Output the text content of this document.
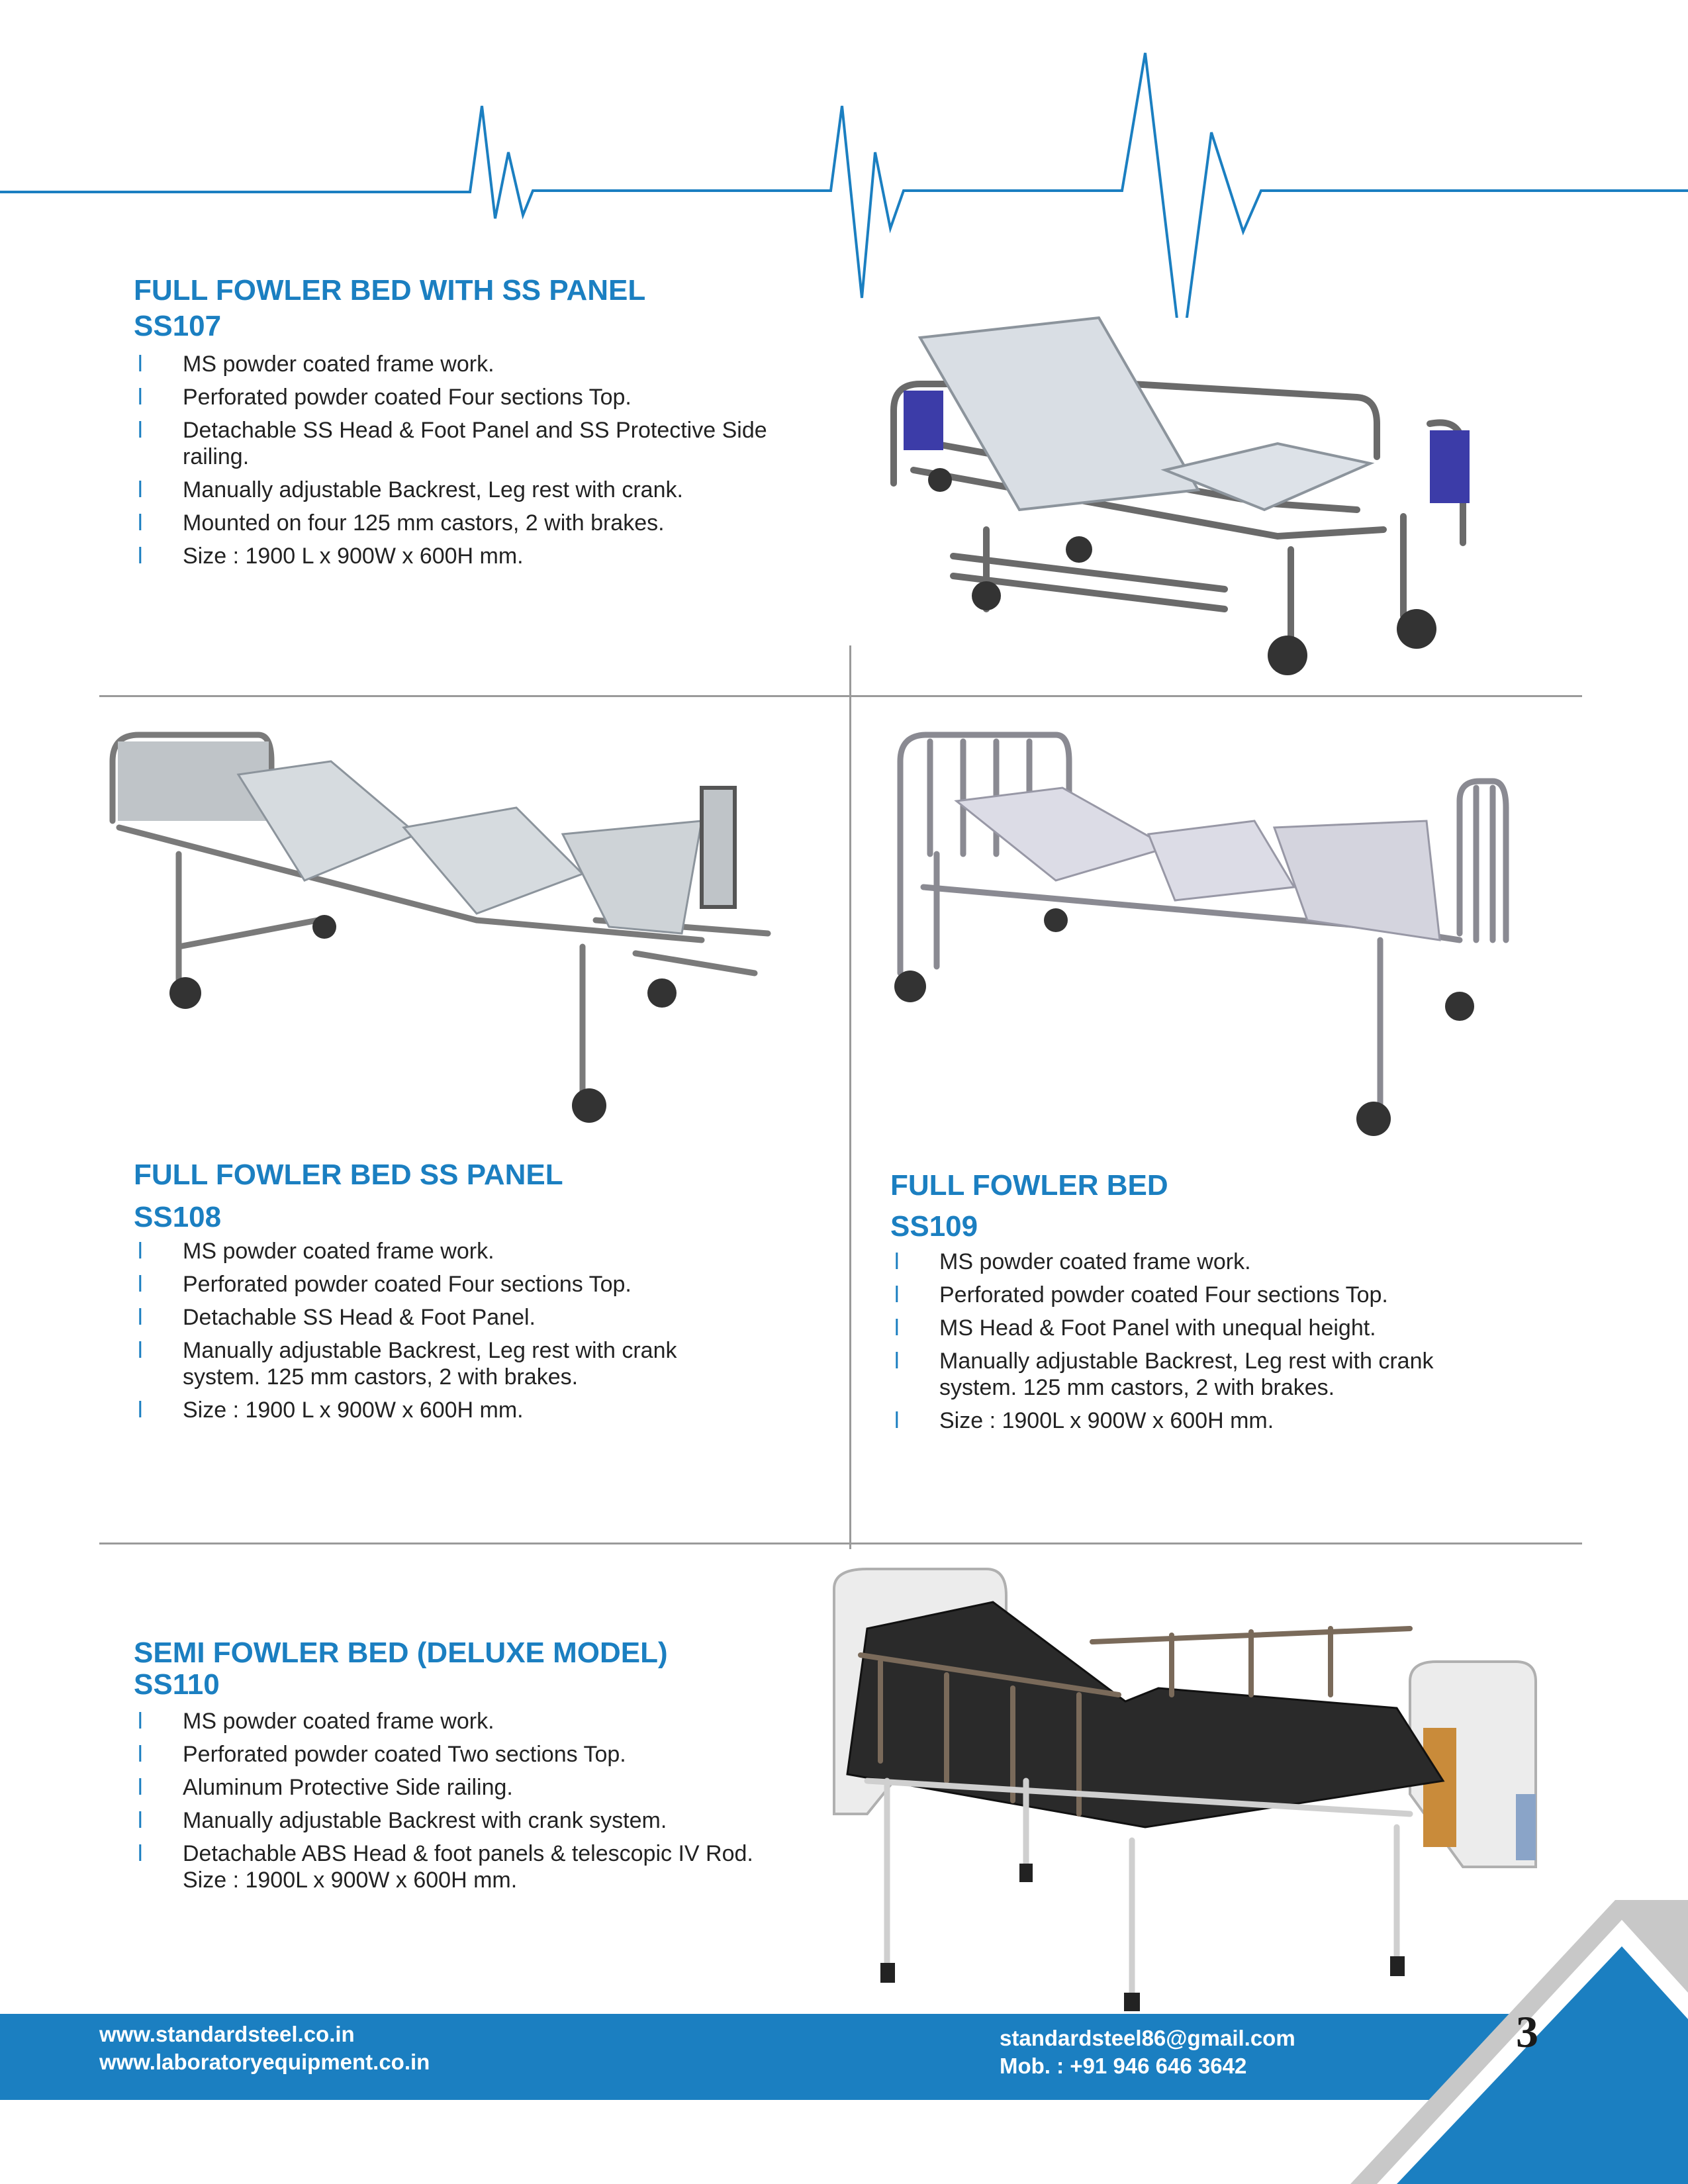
FULL FOWLER BED WITH SS PANEL
SS107
l MS powder coated frame work.
l Perforated powder coated Four sections Top.
l Detachable SS Head & Foot Panel and SS Protective Side railing.
l Manually adjustable Backrest, Leg rest with crank.
l Mounted on four 125 mm castors, 2 with brakes.
l Size : 1900 L x 900W x 600H mm.
FULL FOWLER BED SS PANEL
SS108
l MS powder coated frame work.
l Perforated powder coated Four sections Top.
l Detachable SS Head & Foot Panel.
l Manually adjustable Backrest, Leg rest with crank system. 125 mm castors, 2 with brakes.
l Size : 1900 L x 900W x 600H mm.
FULL FOWLER BED
SS109
l MS powder coated frame work.
l Perforated powder coated Four sections Top.
l MS Head & Foot Panel with unequal height.
l Manually adjustable Backrest, Leg rest with crank system. 125 mm castors, 2 with brakes.
l Size : 1900L x 900W x 600H mm.
SEMI FOWLER BED (DELUXE MODEL)
SS110
l MS powder coated frame work.
l Perforated powder coated Two sections Top.
l Aluminum Protective Side railing.
l Manually adjustable Backrest with crank system.
l Detachable ABS Head & foot panels & telescopic IV Rod. Size : 1900L x 900W x 600H mm.
www.standardsteel.co.in
www.laboratoryequipment.co.in
standardsteel86@gmail.com
Mob. : +91 946 646 3642
3
